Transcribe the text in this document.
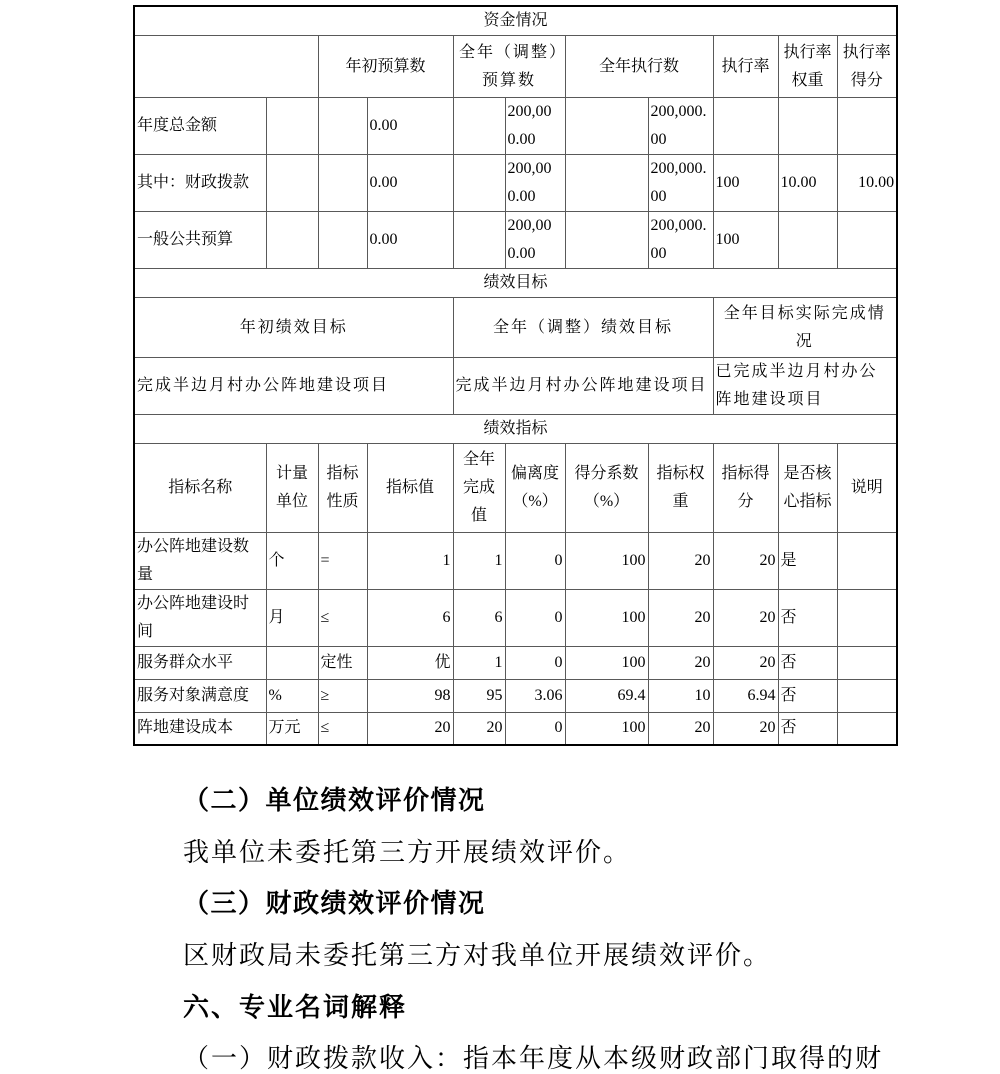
资金情况										
		年初预算数		全年（调整）预算数		全年执行数		执行率	执行率权重	执行率得分
年度总金额			0.00		200,000.00		200,000.00			
其中：财政拨款			0.00		200,000.00		200,000.00	100	10.00	10.00
一般公共预算			0.00		200,000.00		200,000.00	100		
绩效目标										
年初绩效目标				全年（调整）绩效目标				全年目标实际完成情况		
完成半边月村办公阵地建设项目				完成半边月村办公阵地建设项目				已完成半边月村办公阵地建设项目		
绩效指标										
指标名称	计量单位	指标性质	指标值	全年完成值	偏离度（%）	得分系数（%）	指标权重	指标得分	是否核心指标	说明
办公阵地建设数量	个	=	1	1	0	100	20	20	是	
办公阵地建设时间	月	≤	6	6	0	100	20	20	否	
服务群众水平		定性	优	1	0	100	20	20	否	
服务对象满意度	%	≥	98	95	3.06	69.4	10	6.94	否	
阵地建设成本	万元	≤	20	20	0	100	20	20	否	
（二）单位绩效评价情况
我单位未委托第三方开展绩效评价。
（三）财政绩效评价情况
区财政局未委托第三方对我单位开展绩效评价。
六、专业名词解释
（一）财政拨款收入：指本年度从本级财政部门取得的财
